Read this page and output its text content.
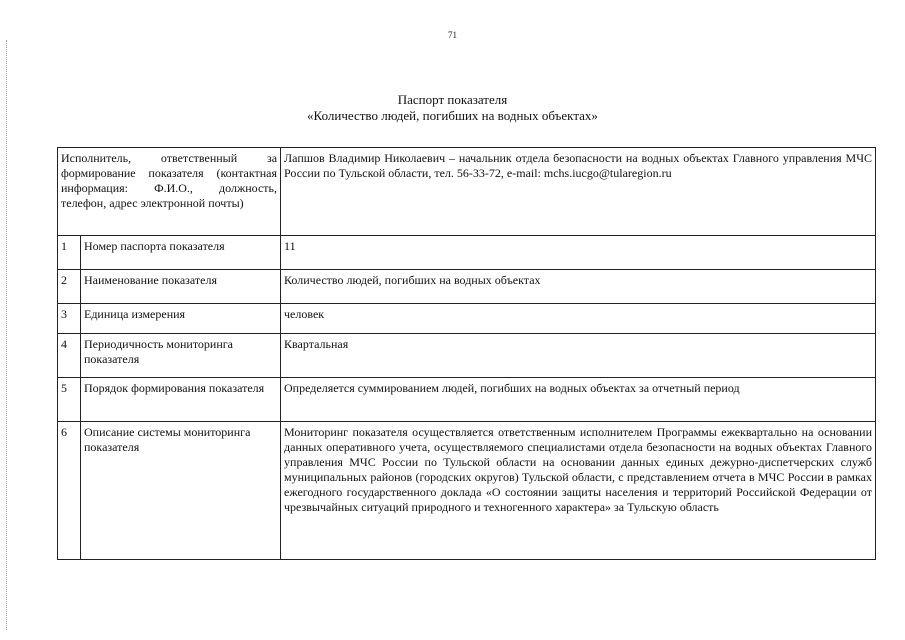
71
Паспорт показателя
«Количество людей, погибших на водных объектах»
Исполнитель, ответственный за формирование показателя (контактная информация: Ф.И.О., должность, телефон, адрес электронной почты)		Лапшов Владимир Николаевич – начальник отдела безопасности на водных объектах Главного управления МЧС России по Тульской области, тел. 56-33-72, e-mail: mchs.iucgo@tularegion.ru
1	Номер паспорта показателя	11
2	Наименование показателя	Количество людей, погибших на водных объектах
3	Единица измерения	человек
4	Периодичность мониторинга показателя	Квартальная
5	Порядок формирования показателя	Определяется суммированием людей, погибших на водных объектах за отчетный период
6	Описание системы мониторинга показателя	Мониторинг показателя осуществляется ответственным исполнителем Программы ежеквартально на основании данных оперативного учета, осуществляемого специалистами отдела безопасности на водных объектах Главного управления МЧС России по Тульской области на основании данных единых дежурно-диспетчерских служб муниципальных районов (городских округов) Тульской области, с представлением отчета в МЧС России в рамках ежегодного государственного доклада «О состоянии защиты населения и территорий Российской Федерации от чрезвычайных ситуаций природного и техногенного характера» за Тульскую область
